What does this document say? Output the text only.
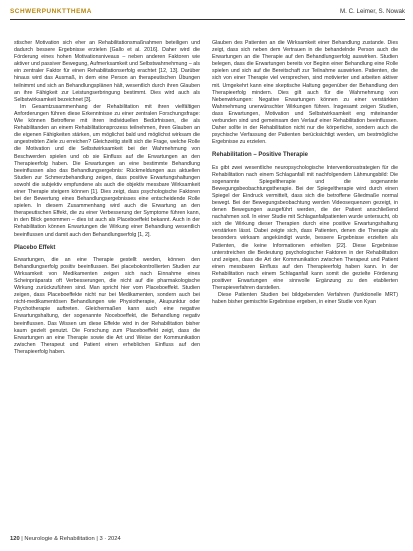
SCHWERPUNKTTHEMA	M. C. Leimer, S. Nowak

stischer Motivation sich eher an Rehabilitationsmaßnahmen beteiligen und dadurch bessere Ergebnisse erzielen [Gallo et al. 2016]. Daher wird die Förderung eines hohen Motivationsniveaus – neben anderen Faktoren wie aktiver und passiver Bewegung, Aufmerksamkeit und Selbstwahrnehmung – als ein zentraler Faktor für einen Rehabilitationserfolg erachtet [12, 13]. Darüber hinaus wird das Ausmaß, in dem eine Person an therapeutischen Übungen teilnimmt und sich an Behandlungsplänen hält, wesentlich durch ihren Glauben an ihre Fähigkeit zur Leistungserbringung bestimmt. Dies wird auch als Selbstwirksamkeit bezeichnet [3].

Im Gesamtzusammenhang der Rehabilitation mit ihren vielfältigen Anforderungen führen diese Erkenntnisse zu einer zentralen Forschungsfrage: Wie können Betroffene mit ihren individuellen Bedürfnissen, die als Rehabilitanden an einem Rehabilitationsprozess teilnehmen, ihren Glauben an die eigenen Fähigkeiten stärken, um möglichst bald und möglichst wirksam die angestrebten Ziele zu erreichen? Gleichzeitig stellt sich die Frage, welche Rolle die Motivation und die Selbstwirksamkeit bei der Wahrnehmung von Beschwerden spielen und ob sie Einfluss auf die Erwartungen an den Therapieerfolg haben. Die Erwartungen an eine bestimmte Behandlung beeinflussen also das Behandlungsergebnis: Rückmeldungen aus aktuellen Studien zur Schmerzbehandlung zeigen, dass positive Erwartungshaltungen sowohl die subjektiv empfundene als auch die objektiv messbare Wirksamkeit einer Therapie steigern können [1]. Dies zeigt, dass psychologische Faktoren bei der Bewertung eines Behandlungsergebnisses eine entscheidende Rolle spielen. In diesem Zusammenhang wird auch die Erwartung an den therapeutischen Effekt, die zu einer Verbesserung der Symptome führen kann, in den Blick genommen – dies ist auch als Placeboeffekt bekannt. Auch in der Rehabilitation können Erwartungen die Wirkung einer Behandlung wesentlich beeinflussen und damit auch den Behandlungserfolg [1, 2].

Placebo Effekt

Erwartungen, die an eine Therapie gestellt werden, können den Behandlungserfolg positiv beeinflussen. Bei placebokontrollierten Studien zur Wirksamkeit von Medikamenten zeigen sich nach Einnahme eines Scheinpräparats oft Verbesserungen, die nicht auf die pharmakologische Wirkung zurückzuführen sind. Man spricht hier vom Placeboeffekt. Studien zeigen, dass Placeboeffekte nicht nur bei Medikamenten, sondern auch bei nicht-medikamentösen Behandlungen wie Physiotherapie, Akupunktur oder Psychotherapie auftreten. Gleichermaßen kann auch eine negative Erwartungshaltung, der sogenannte Noceboeffekt, die Behandlung negativ beeinflussen. Das Wissen um diese Effekte wird in der Rehabilitation bisher kaum gezielt genutzt. Die Forschung zum Placeboeffekt zeigt, dass die Erwartungen an eine Therapie sowie die Art und Weise der Kommunikation zwischen Therapeut und Patient einen erheblichen Einfluss auf den Therapieerfolg haben.

Glauben des Patienten an die Wirksamkeit einer Behandlung zustande. Dies zeigt, dass sich neben dem Vertrauen in die behandelnde Person auch die Erwartungen an die Therapie auf den Behandlungserfolg auswirken. Studien belegen, dass die Erwartungen bereits vor Beginn einer Behandlung eine Rolle spielen und sich auf die Bereitschaft zur Teilnahme auswirken. Patienten, die sich von einer Therapie viel versprechen, sind motivierter und arbeiten aktiver mit. Umgekehrt kann eine skeptische Haltung gegenüber der Behandlung den Therapieerfolg mindern. Dies gilt auch für die Wahrnehmung von Nebenwirkungen: Negative Erwartungen können zu einer verstärkten Wahrnehmung unerwünschter Wirkungen führen. Insgesamt zeigen Studien, dass Erwartungen, Motivation und Selbstwirksamkeit eng miteinander verbunden sind und gemeinsam den Verlauf einer Rehabilitation beeinflussen. Daher sollte in der Rehabilitation nicht nur die körperliche, sondern auch die psychische Verfassung der Patienten berücksichtigt werden, um bestmögliche Ergebnisse zu erzielen.

Rehabilitation – Positive Therapie

Es gibt zwei wesentliche neuropsychologische Interventionsstrategien für die Rehabilitation nach einem Schlaganfall mit nachfolgendem Lähmungsbild: Die sogenannte Spiegeltherapie und die sogenannte Bewegungsbeobachtungstherapie. Bei der Spiegeltherapie wird durch einen Spiegel der Eindruck vermittelt, dass sich die betroffene Gliedmaße normal bewegt. Bei der Bewegungsbeobachtung werden Videosequenzen gezeigt, in denen Bewegungen ausgeführt werden, die der Patient anschließend nachahmen soll. In einer Studie mit Schlaganfallpatienten wurde untersucht, ob sich die Wirkung dieser Therapien durch eine positive Erwartungshaltung verstärken lässt. Dabei zeigte sich, dass Patienten, denen die Therapie als besonders wirksam angekündigt wurde, bessere Ergebnisse erzielten als Patienten, die keine Informationen erhielten [22]. Diese Ergebnisse unterstreichen die Bedeutung psychologischer Faktoren in der Rehabilitation und zeigen, dass die Art der Kommunikation zwischen Therapeut und Patient einen messbaren Einfluss auf den Therapieerfolg haben kann. In der Rehabilitation nach einem Schlaganfall kann somit die gezielte Förderung positiver Erwartungen eine sinnvolle Ergänzung zu den etablierten Therapieverfahren darstellen.

Diese Patienten Studien bei bildgebenden Verfahren (funktionelle MRT) haben bisher gemischte Ergebnisse ergeben, in einer Studie von Kyan

120 | Neurologie & Rehabilitation | 3 · 2024
